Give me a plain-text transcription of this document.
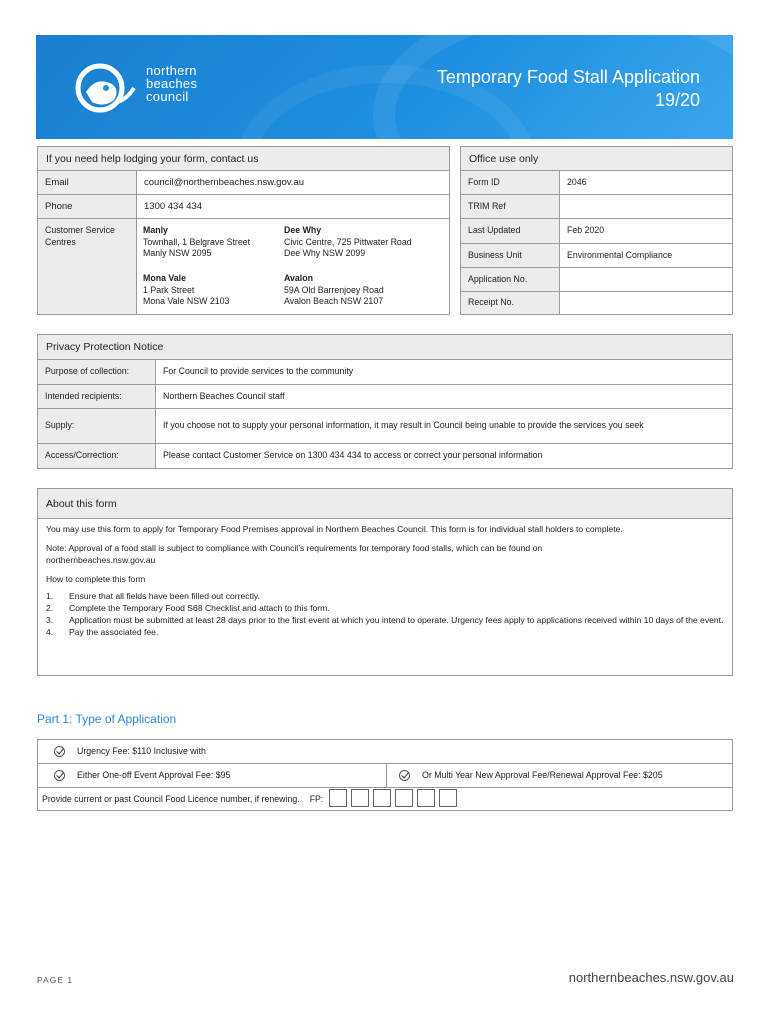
northern
beaches
council
Temporary Food Stall Application
19/20
If you need help lodging your form, contact us
Email	council@northernbeaches.nsw.gov.au
Phone	1300 434 434
Customer Service Centres
Manly
Townhall, 1 Belgrave Street
Manly NSW 2095
Dee Why
Civic Centre, 725 Pittwater Road
Dee Why NSW 2099
Mona Vale
1 Park Street
Mona Vale NSW 2103
Avalon
59A Old Barrenjoey Road
Avalon Beach NSW 2107
Office use only
Form ID	2046
TRIM Ref
Last Updated	Feb 2020
Business Unit	Environmental Compliance
Application No.
Receipt No.
Privacy Protection Notice
Purpose of collection:	For Council to provide services to the community
Intended recipients:	Northern Beaches Council staff
Supply:	If you choose not to supply your personal information, it may result in Council being unable to provide the services you seek
Access/Correction:	Please contact Customer Service on 1300 434 434 to access or correct your personal information
About this form

You may use this form to apply for Temporary Food Premises approval in Northern Beaches Council. This form is for individual stall holders to complete.

Note: Approval of a food stall is subject to compliance with Council’s requirements for temporary food stalls, which can be found on
northernbeaches.nsw.gov.au

How to complete this form

1.	Ensure that all fields have been filled out correctly.
2.	Complete the Temporary Food S68 Checklist and attach to this form.
3.	Application must be submitted at least 28 days prior to the first event at which you intend to operate. Urgency fees apply to applications received within 10 days of the event.
4.	Pay the associated fee.
Part 1: Type of Application
Urgency Fee: $110 Inclusive with
Either One-off Event Approval Fee: $95	Or Multi Year New Approval Fee/Renewal Approval Fee: $205
Provide current or past Council Food Licence number, if renewing. FP:
PAGE 1	northernbeaches.nsw.gov.au
